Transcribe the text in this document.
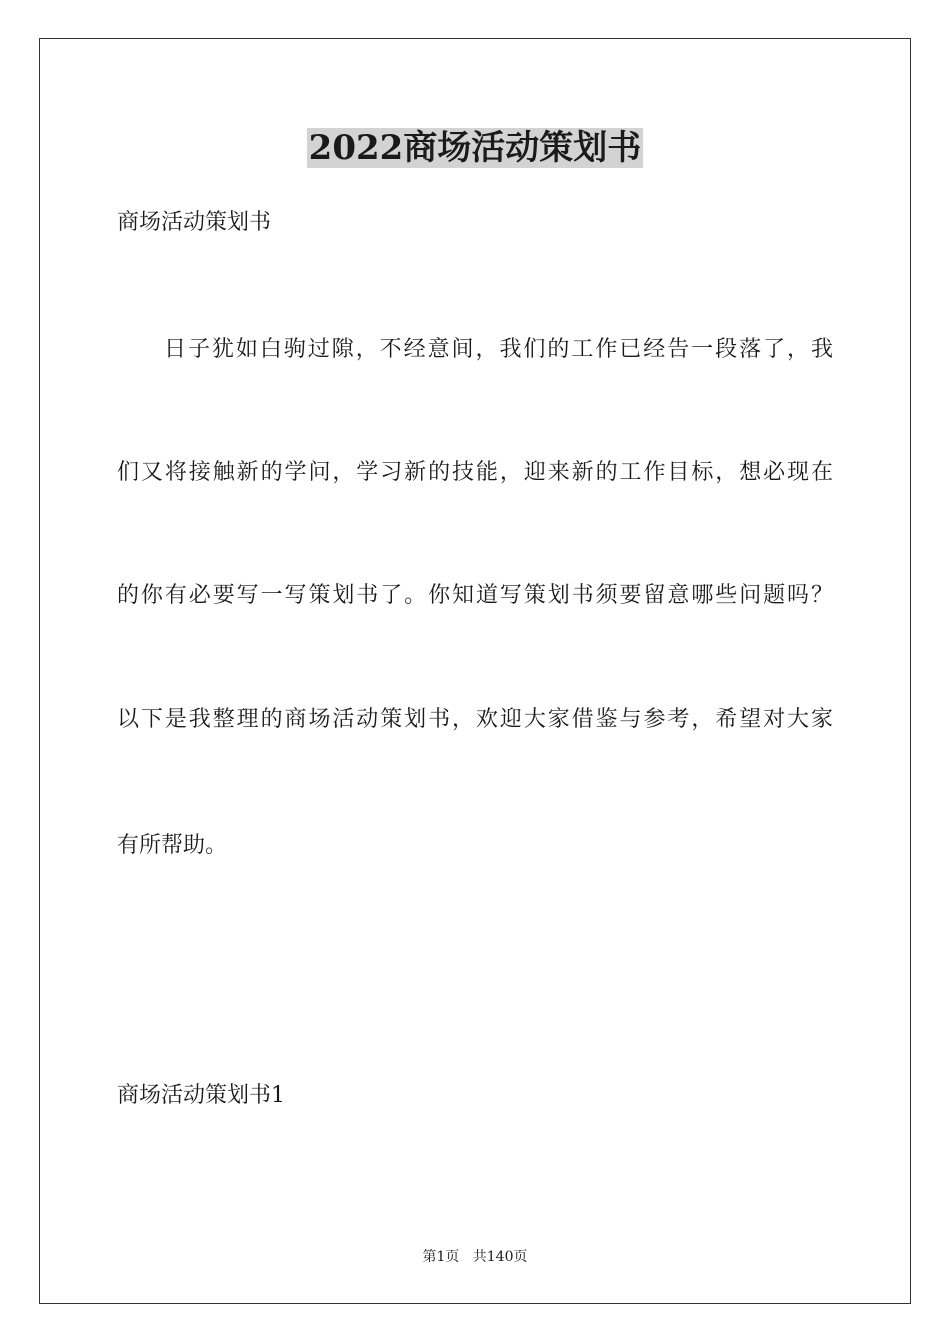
2022商场活动策划书
商场活动策划书
日子犹如白驹过隙，不经意间，我们的工作已经告一段落了，我
们又将接触新的学问，学习新的技能，迎来新的工作目标，想必现在
的你有必要写一写策划书了。你知道写策划书须要留意哪些问题吗？
以下是我整理的商场活动策划书，欢迎大家借鉴与参考，希望对大家
有所帮助。
商场活动策划书1
第1页   共140页
